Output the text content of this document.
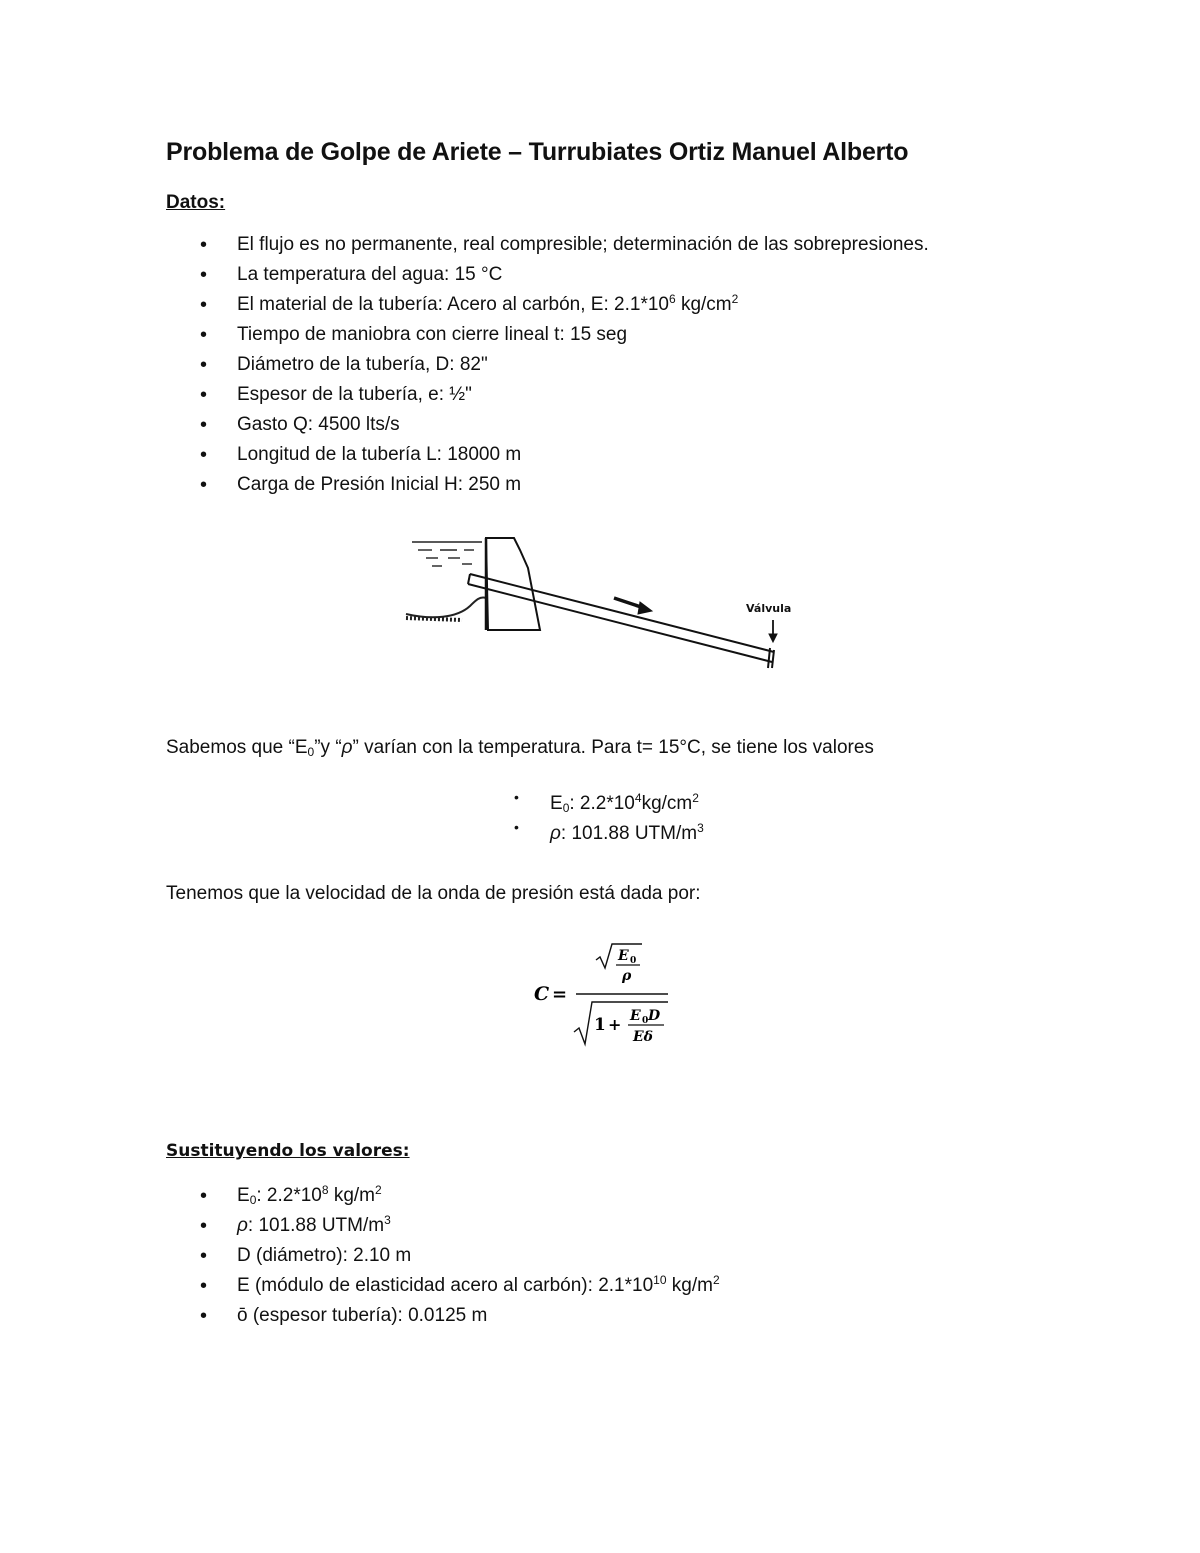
Problema de Golpe de Ariete – Turrubiates Ortiz Manuel Alberto
Datos:
• El flujo es no permanente, real compresible; determinación de las sobrepresiones.
• La temperatura del agua: 15 °C
• El material de la tubería: Acero al carbón, E: $2.1*10^6$ $kg/cm^2$
• Tiempo de maniobra con cierre lineal t: 15 seg
• Diámetro de la tubería, D: 82"
• Espesor de la tubería, e: ½"
• Gasto Q: 4500 lts/s
• Longitud de la tubería L: 18000 m
• Carga de Presión Inicial H: 250 m
Válvula
Sabemos que “$E_0”y$ “ρ” varían con la temperatura. Para t= 15°C, se tiene los valores
• $E_0$: $2.2*10^4kg/cm^2$
• ρ: 101.88 UTM/$m^3$
Tenemos que la velocidad de la onda de presión está dada por:
C =
E 0
ρ
1 + E 0 D
Eδ
Sustituyendo los valores:
• $E_0$: $2.2*10^8$ $kg/m^2$
• ρ: 101.88 UTM/$m^3$
• D (diámetro): 2.10 m
• E (módulo de elasticidad acero al carbón): $2.1*10^{10}$ $kg/m^2$
• ō (espesor tubería): 0.0125 m
